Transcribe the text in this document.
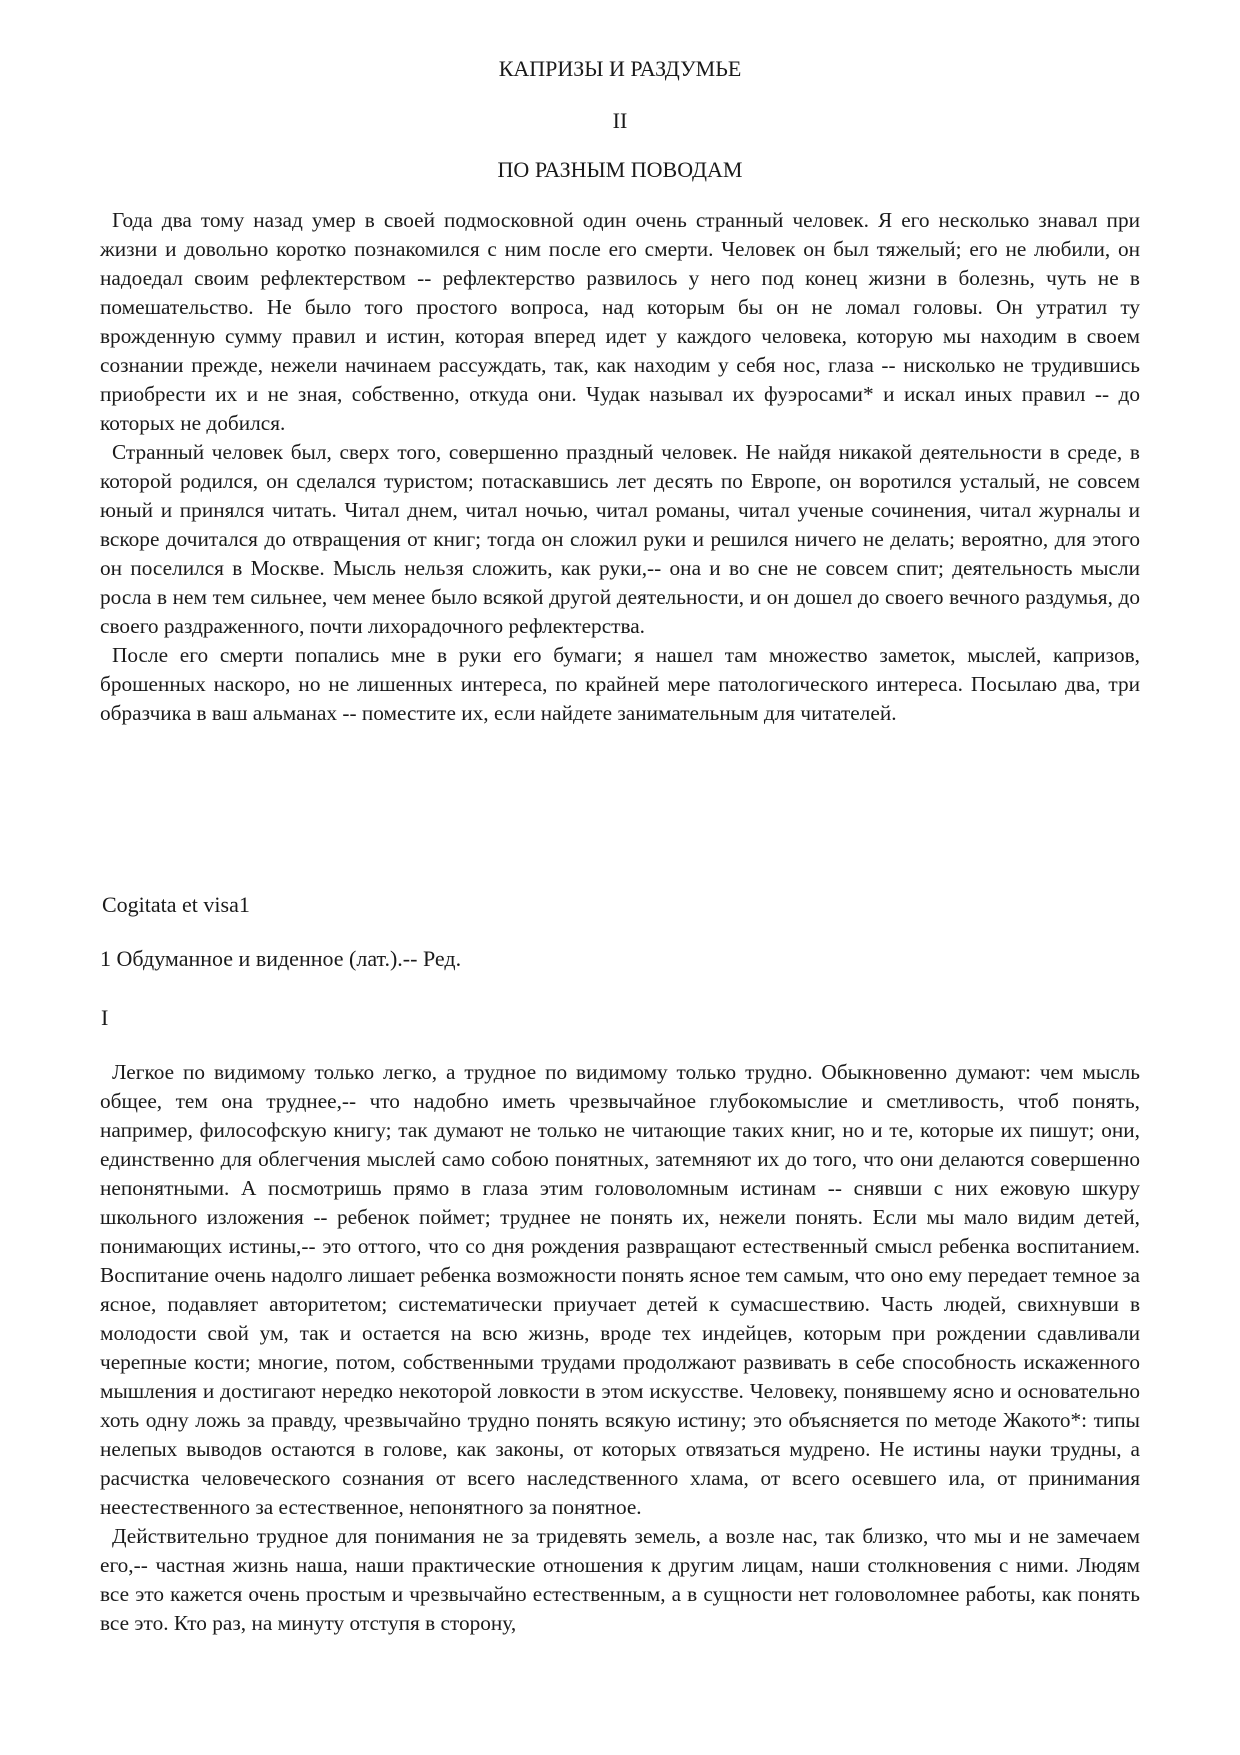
КАПРИЗЫ И РАЗДУМЬЕ
II
ПО РАЗНЫМ ПОВОДАМ

Года два тому назад умер в своей подмосковной один очень странный человек. Я его несколько знавал при жизни и довольно коротко познакомился с ним после его смерти. Человек он был тяжелый; его не любили, он надоедал своим рефлектерством -- рефлектерство развилось у него под конец жизни в болезнь, чуть не в помешательство. Не было того простого вопроса, над которым бы он не ломал головы. Он утратил ту врожденную сумму правил и истин, которая вперед идет у каждого человека, которую мы находим в своем сознании прежде, нежели начинаем рассуждать, так, как находим у себя нос, глаза -- нисколько не трудившись приобрести их и не зная, собственно, откуда они. Чудак называл их фуэросами* и искал иных правил -- до которых не добился.

Странный человек был, сверх того, совершенно праздный человек. Не найдя никакой деятельности в среде, в которой родился, он сделался туристом; потаскавшись лет десять по Европе, он воротился усталый, не совсем юный и принялся читать. Читал днем, читал ночью, читал романы, читал ученые сочинения, читал журналы и вскоре дочитался до отвращения от книг; тогда он сложил руки и решился ничего не делать; вероятно, для этого он поселился в Москве. Мысль нельзя сложить, как руки,-- она и во сне не совсем спит; деятельность мысли росла в нем тем сильнее, чем менее было всякой другой деятельности, и он дошел до своего вечного раздумья, до своего раздраженного, почти лихорадочного рефлектерства.

После его смерти попались мне в руки его бумаги; я нашел там множество заметок, мыслей, капризов, брошенных наскоро, но не лишенных интереса, по крайней мере патологического интереса. Посылаю два, три образчика в ваш альманах -- поместите их, если найдете занимательным для читателей.

Cogitata et visa1
1 Обдуманное и виденное (лат.).-- Ред.
I

Легкое по видимому только легко, а трудное по видимому только трудно. Обыкновенно думают: чем мысль общее, тем она труднее,-- что надобно иметь чрезвычайное глубокомыслие и сметливость, чтоб понять, например, философскую книгу; так думают не только не читающие таких книг, но и те, которые их пишут; они, единственно для облегчения мыслей само собою понятных, затемняют их до того, что они делаются совершенно непонятными. А посмотришь прямо в глаза этим головоломным истинам -- снявши с них ежовую шкуру школьного изложения -- ребенок поймет; труднее не понять их, нежели понять. Если мы мало видим детей, понимающих истины,-- это оттого, что со дня рождения развращают естественный смысл ребенка воспитанием. Воспитание очень надолго лишает ребенка возможности понять ясное тем самым, что оно ему передает темное за ясное, подавляет авторитетом; систематически приучает детей к сумасшествию. Часть людей, свихнувши в молодости свой ум, так и остается на всю жизнь, вроде тех индейцев, которым при рождении сдавливали черепные кости; многие, потом, собственными трудами продолжают развивать в себе способность искаженного мышления и достигают нередко некоторой ловкости в этом искусстве. Человеку, понявшему ясно и основательно хоть одну ложь за правду, чрезвычайно трудно понять всякую истину; это объясняется по методе Жакото*: типы нелепых выводов остаются в голове, как законы, от которых отвязаться мудрено. Не истины науки трудны, а расчистка человеческого сознания от всего наследственного хлама, от всего осевшего ила, от принимания неестественного за естественное, непонятного за понятное.

Действительно трудное для понимания не за тридевять земель, а возле нас, так близко, что мы и не замечаем его,-- частная жизнь наша, наши практические отношения к другим лицам, наши столкновения с ними. Людям все это кажется очень простым и чрезвычайно естественным, а в сущности нет головоломнее работы, как понять все это. Кто раз, на минуту отступя в сторону,
